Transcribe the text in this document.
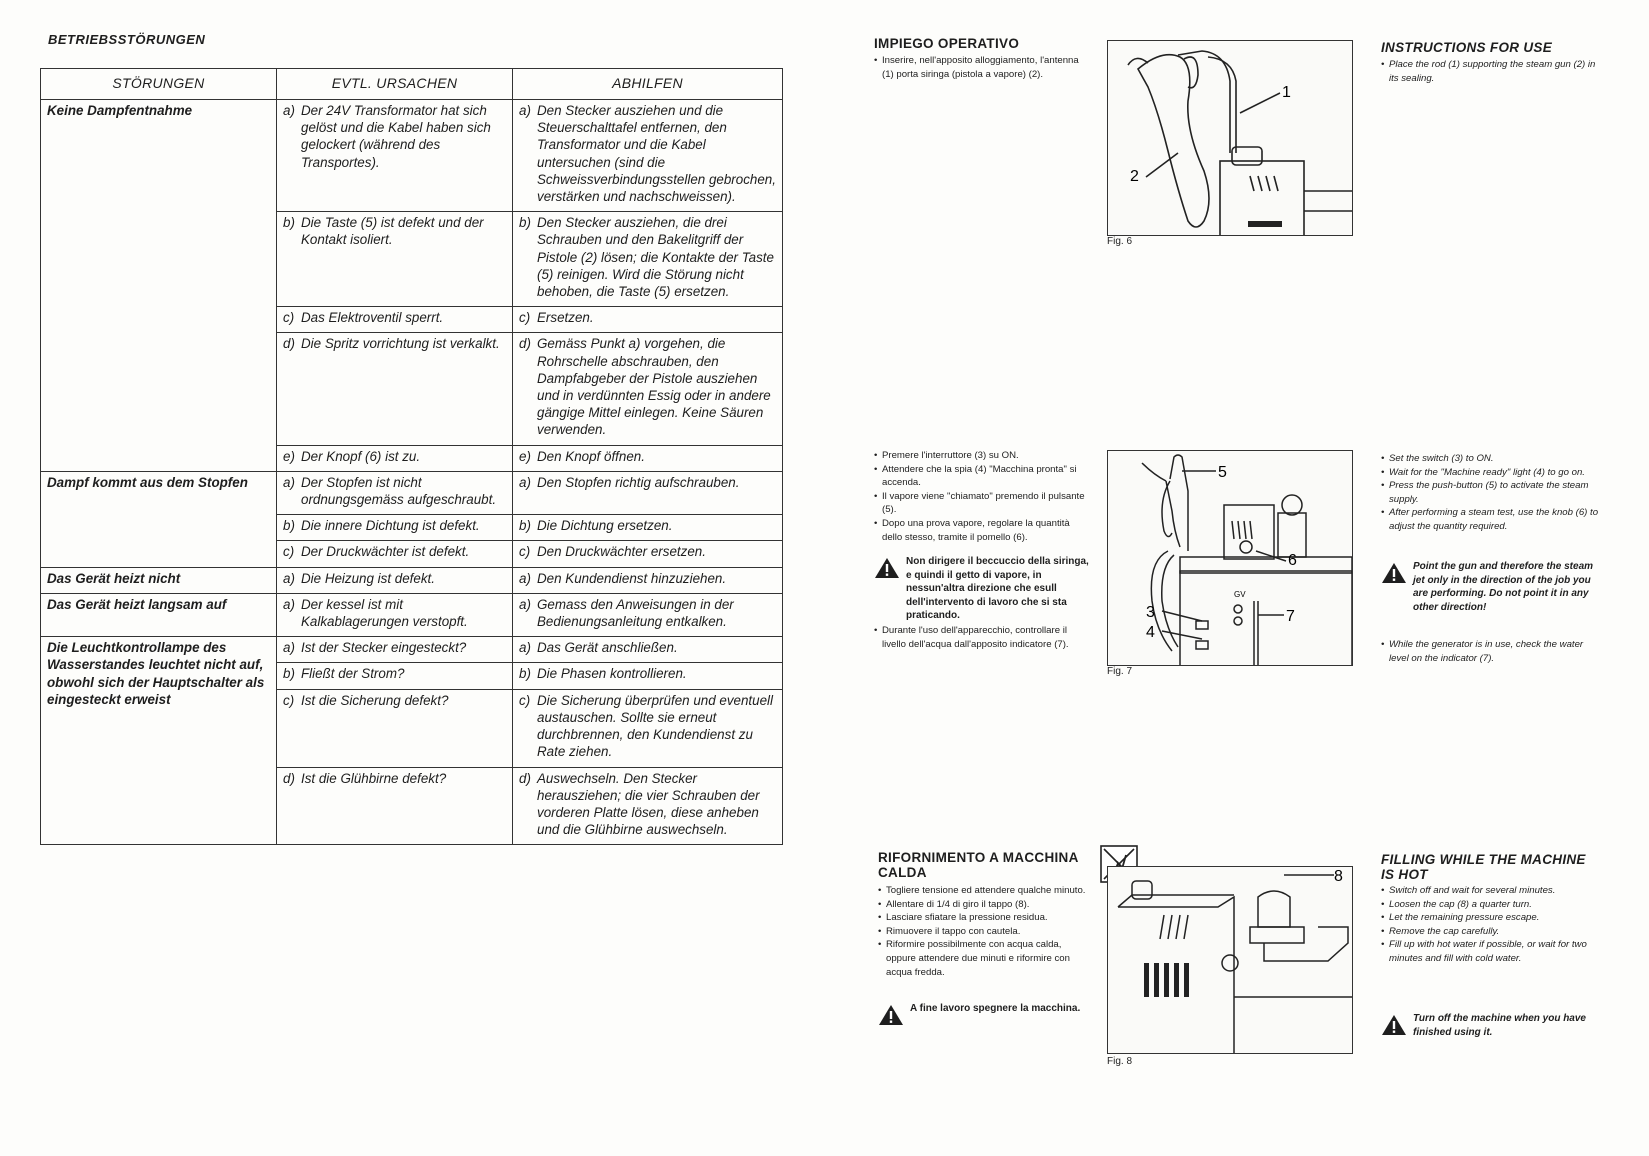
BETRIEBSSTÖRUNGEN
STÖRUNGEN	EVTL. URSACHEN	ABHILFEN
Keine Dampfentnahme	a) Der 24V Transformator hat sich gelöst und die Kabel haben sich gelockert (während des Transportes).	a) Den Stecker ausziehen und die Steuerschalttafel entfernen, den Transformator und die Kabel untersuchen (sind die Schweissverbindungsstellen gebrochen, verstärken und nachschweissen).

	b) Die Taste (5) ist defekt und der Kontakt isoliert.	b) Den Stecker ausziehen, die drei Schrauben und den Bakelitgriff der Pistole (2) lösen; die Kontakte der Taste (5) reinigen. Wird die Störung nicht behoben, die Taste (5) ersetzen.

	c) Das Elektroventil sperrt.	c) Ersetzen.

	d) Die Spritz vorrichtung ist verkalkt.	d) Gemäss Punkt a) vorgehen, die Rohrschelle abschrauben, den Dampfabgeber der Pistole ausziehen und in verdünnten Essig oder in andere gängige Mittel einlegen. Keine Säuren verwenden.

	e) Der Knopf (6) ist zu.	e) Den Knopf öffnen.

Dampf kommt aus dem Stopfen	a) Der Stopfen ist nicht ordnungsgemäss aufgeschraubt.	a) Den Stopfen richtig aufschrauben.

	b) Die innere Dichtung ist defekt.	b) Die Dichtung ersetzen.

	c) Der Druckwächter ist defekt.	c) Den Druckwächter ersetzen.

Das Gerät heizt nicht	a) Die Heizung ist defekt.	a) Den Kundendienst hinzuziehen.

Das Gerät heizt langsam auf	a) Der kessel ist mit Kalkablagerungen verstopft.	a) Gemass den Anweisungen in der Bedienungsanleitung entkalken.

Die Leuchtkontrollampe des Wasserstandes leuchtet nicht auf, obwohl sich der Hauptschalter als eingesteckt erweist	a) Ist der Stecker eingesteckt?	a) Das Gerät anschließen.

	b) Fließt der Strom?	b) Die Phasen kontrollieren.

	c) Ist die Sicherung defekt?	c) Die Sicherung überprüfen und eventuell austauschen. Sollte sie erneut durchbrennen, den Kundendienst zu Rate ziehen.

	d) Ist die Glühbirne defekt?	d) Auswechseln. Den Stecker herausziehen; die vier Schrauben der vorderen Platte lösen, diese anheben und die Glühbirne auswechseln.
IMPIEGO OPERATIVO
• Inserire, nell'apposito alloggiamento, l'antenna (1) porta siringa (pistola a vapore) (2).
1
2
Fig. 6
INSTRUCTIONS FOR USE
• Place the rod (1) supporting the steam gun (2) in its sealing.
• Premere l'interruttore (3) su ON.
• Attendere che la spia (4) "Macchina pronta" si accenda.
• Il vapore viene "chiamato" premendo il pulsante (5).
• Dopo una prova vapore, regolare la quantità dello stesso, tramite il pomello (6).
Non dirigere il beccuccio della siringa, e quindi il getto di vapore, in nessun'altra direzione che esull dell'intervento di lavoro che si sta praticando.
• Durante l'uso dell'apparecchio, controllare il livello dell'acqua dall'apposito indicatore (7).
5
6
3
4
7
GV
Fig. 7
• Set the switch (3) to ON.
• Wait for the "Machine ready" light (4) to go on.
• Press the push-button (5) to activate the steam supply.
• After performing a steam test, use the knob (6) to adjust the quantity required.
Point the gun and therefore the steam jet only in the direction of the job you are performing. Do not point it in any other direction!
• While the generator is in use, check the water level on the indicator (7).
RIFORNIMENTO A MACCHINA CALDA
• Togliere tensione ed attendere qualche minuto.
• Allentare di 1/4 di giro il tappo (8).
• Lasciare sfiatare la pressione residua.
• Rimuovere il tappo con cautela.
• Riformire possibilmente con acqua calda, oppure attendere due minuti e riformire con acqua fredda.
A fine lavoro spegnere la macchina.
8
Fig. 8
FILLING WHILE THE MACHINE IS HOT
• Switch off and wait for several minutes.
• Loosen the cap (8) a quarter turn.
• Let the remaining pressure escape.
• Remove the cap carefully.
• Fill up with hot water if possible, or wait for two minutes and fill with cold water.
Turn off the machine when you have finished using it.
